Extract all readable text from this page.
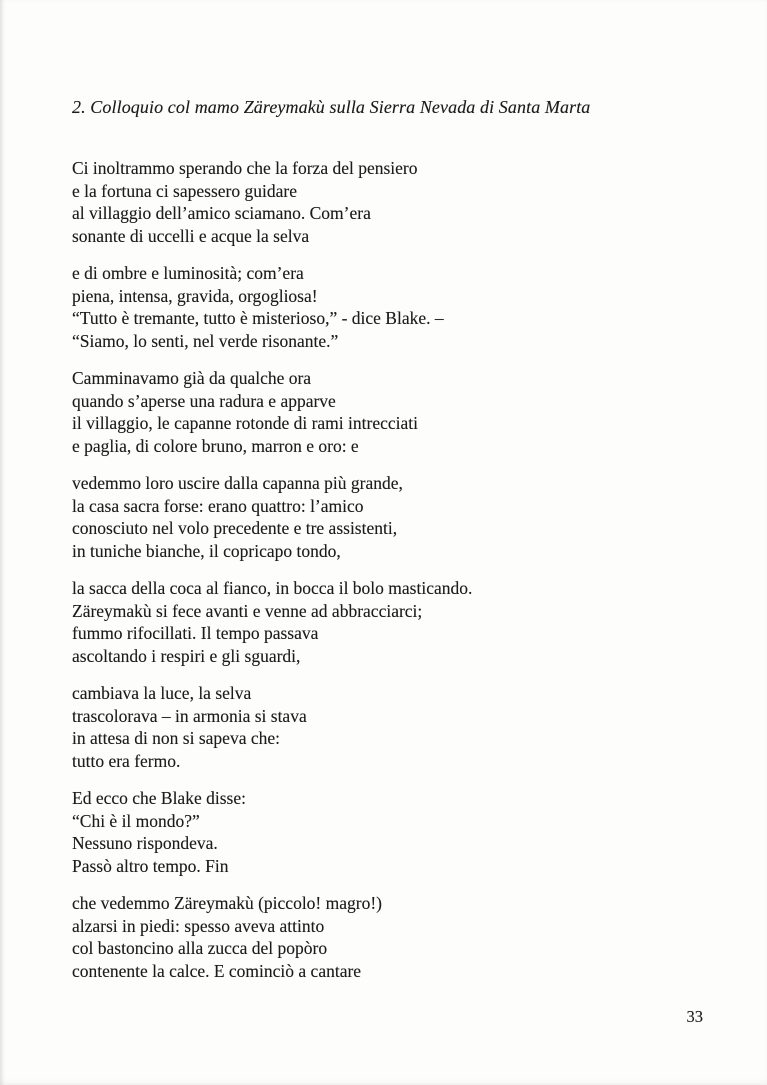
2. Colloquio col mamo Zäreymakù sulla Sierra Nevada di Santa Marta
Ci inoltrammo sperando che la forza del pensiero
e la fortuna ci sapessero guidare
al villaggio dell’amico sciamano. Com’era
sonante di uccelli e acque la selva
e di ombre e luminosità; com’era
piena, intensa, gravida, orgogliosa!
“Tutto è tremante, tutto è misterioso,” - dice Blake. –
“Siamo, lo senti, nel verde risonante.”
Camminavamo già da qualche ora
quando s’aperse una radura e apparve
il villaggio, le capanne rotonde di rami intrecciati
e paglia, di colore bruno, marron e oro: e
vedemmo loro uscire dalla capanna più grande,
la casa sacra forse: erano quattro: l’amico
conosciuto nel volo precedente e tre assistenti,
in tuniche bianche, il copricapo tondo,
la sacca della coca al fianco, in bocca il bolo masticando.
Zäreymakù si fece avanti e venne ad abbracciarci;
fummo rifocillati. Il tempo passava
ascoltando i respiri e gli sguardi,
cambiava la luce, la selva
trascolorava – in armonia si stava
in attesa di non si sapeva che:
tutto era fermo.
Ed ecco che Blake disse:
“Chi è il mondo?”
Nessuno rispondeva.
Passò altro tempo. Fin
che vedemmo Zäreymakù (piccolo! magro!)
alzarsi in piedi: spesso aveva attinto
col bastoncino alla zucca del popòro
contenente la calce. E cominciò a cantare
33
